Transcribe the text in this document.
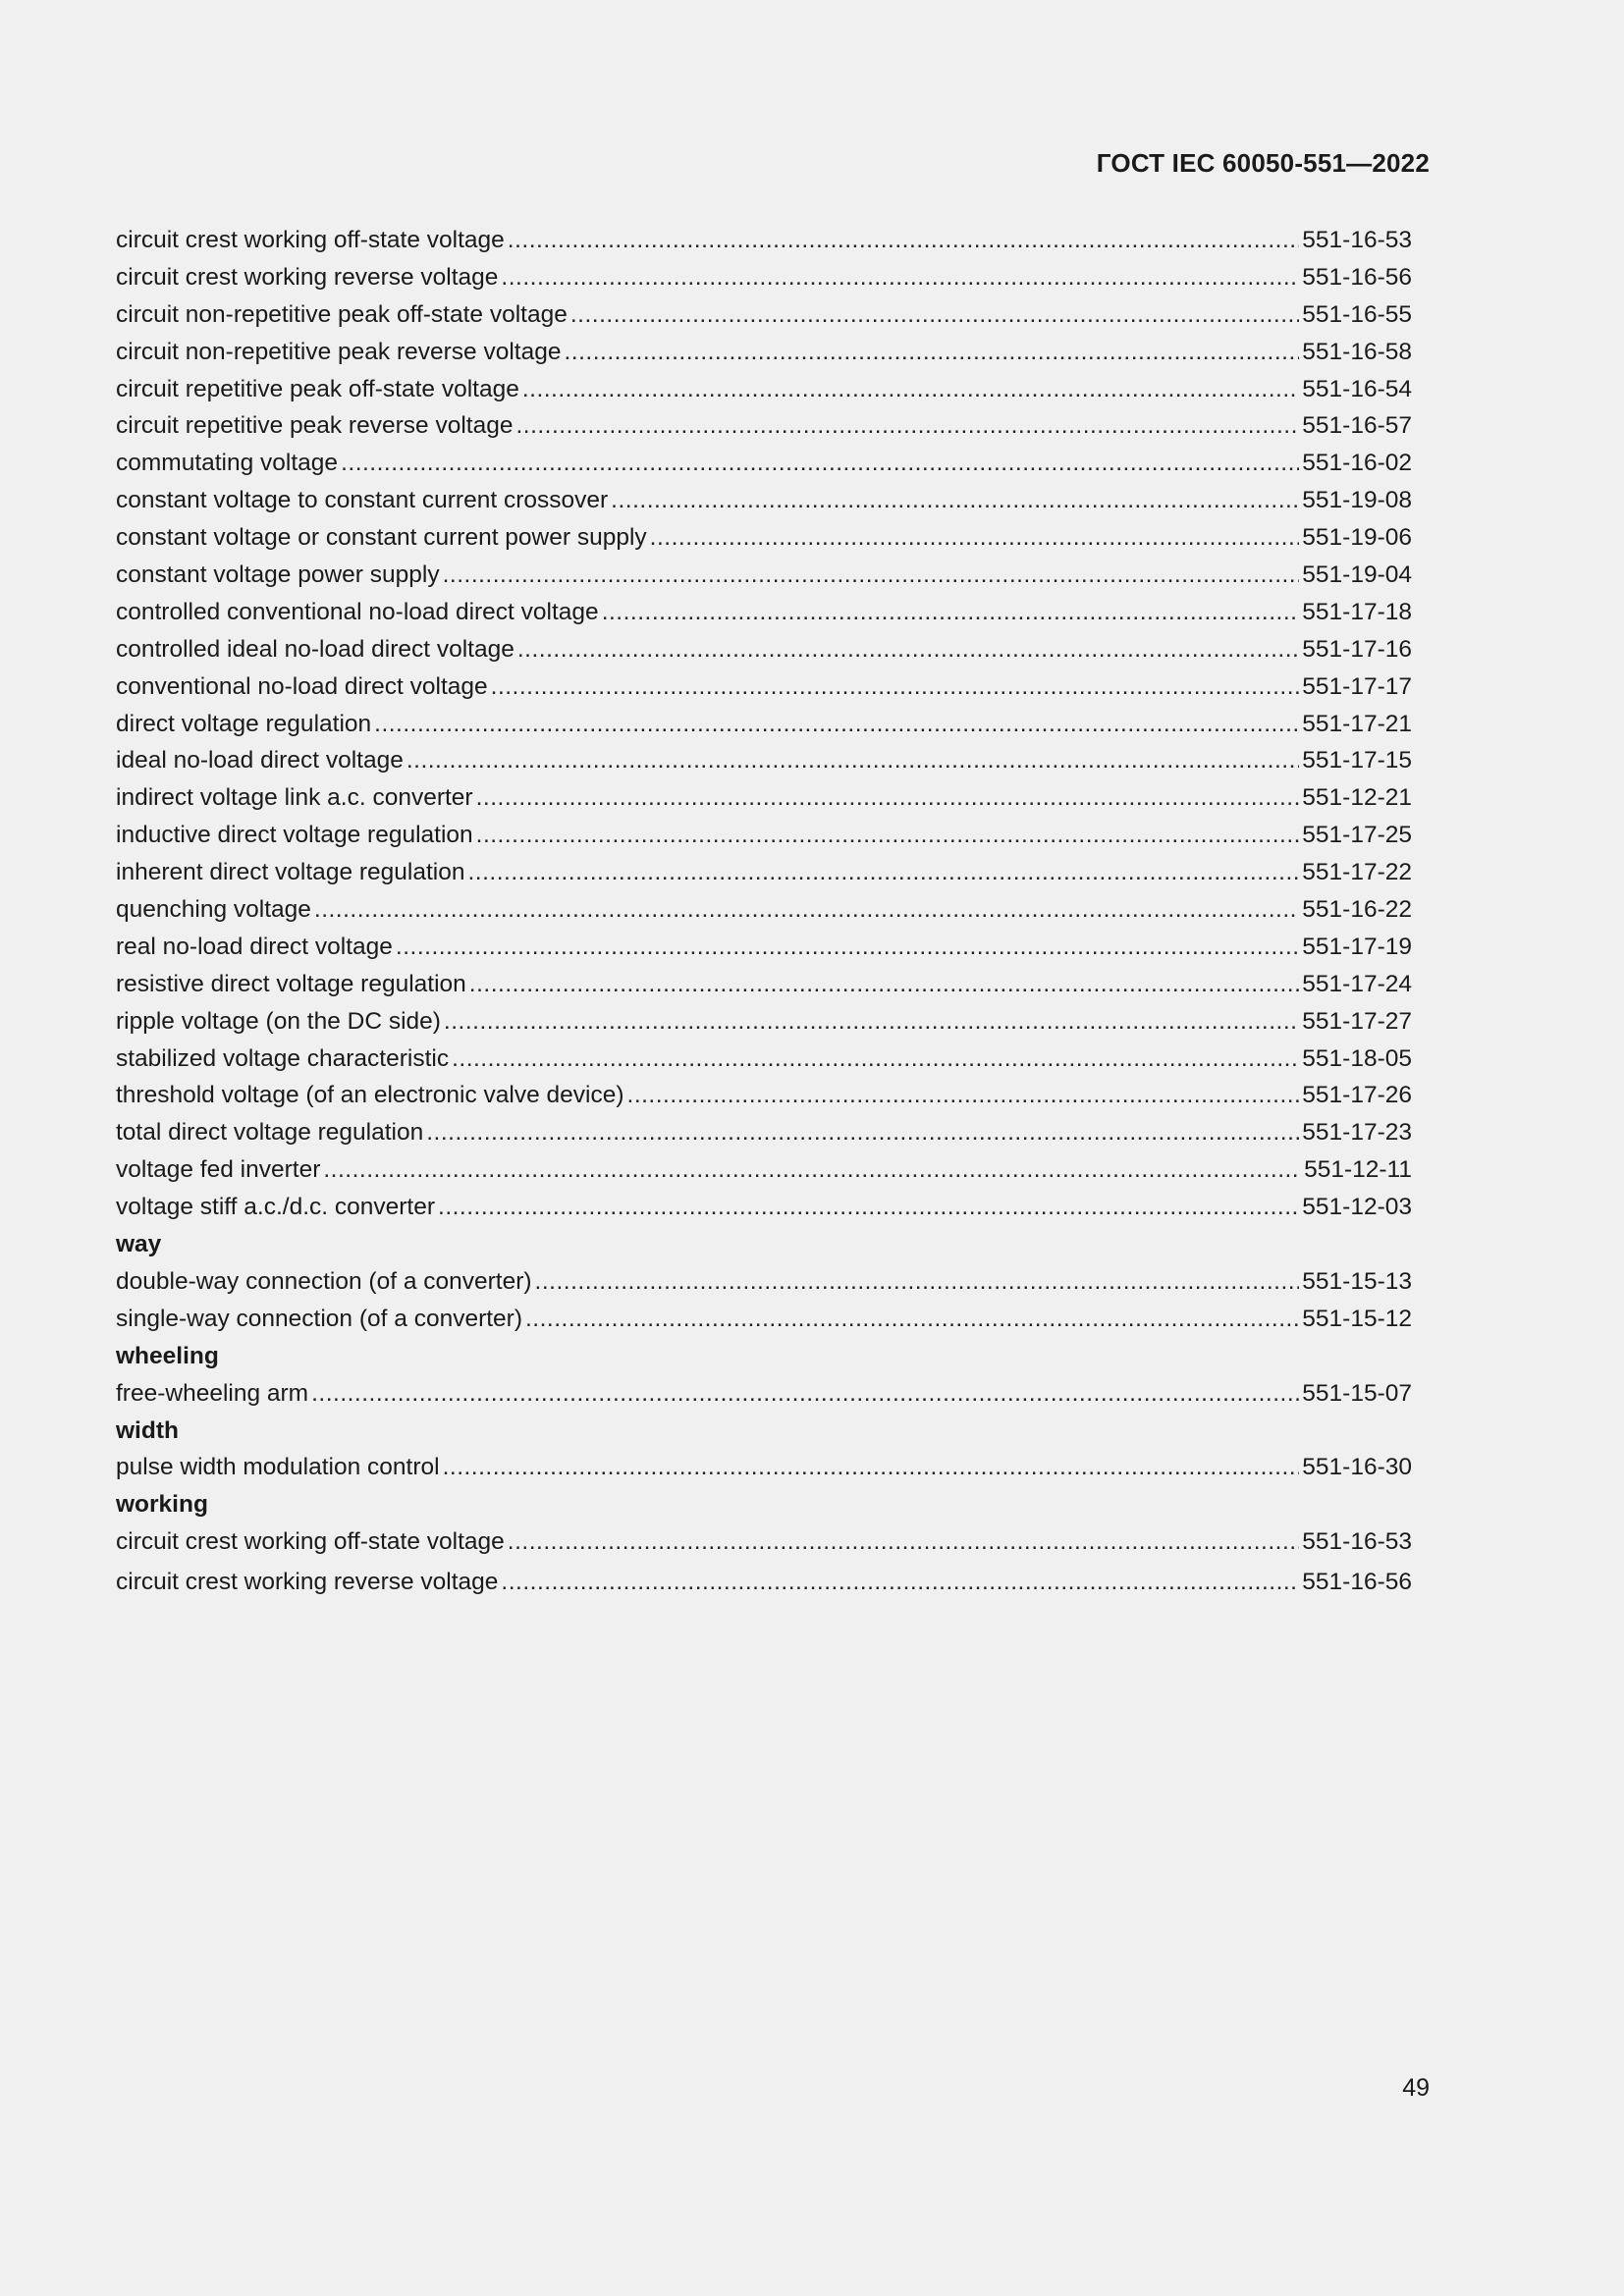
ГОСТ IEC 60050-551—2022
circuit crest working off-state voltage .....	551-16-53
circuit crest working reverse voltage .....	551-16-56
circuit non-repetitive peak off-state voltage .....	551-16-55
circuit non-repetitive peak reverse voltage .....	551-16-58
circuit repetitive peak off-state voltage .....	551-16-54
circuit repetitive peak reverse voltage .....	551-16-57
commutating voltage .....	551-16-02
constant voltage to constant current crossover .....	551-19-08
constant voltage or constant current power supply .....	551-19-06
constant voltage power supply .....	551-19-04
controlled conventional no-load direct voltage .....	551-17-18
controlled ideal no-load direct voltage .....	551-17-16
conventional no-load direct voltage .....	551-17-17
direct voltage regulation .....	551-17-21
ideal no-load direct voltage .....	551-17-15
indirect voltage link a.c. converter .....	551-12-21
inductive direct voltage regulation .....	551-17-25
inherent direct voltage regulation .....	551-17-22
quenching voltage .....	551-16-22
real no-load direct voltage .....	551-17-19
resistive direct voltage regulation .....	551-17-24
ripple voltage (on the DC side) .....	551-17-27
stabilized voltage characteristic .....	551-18-05
threshold voltage (of an electronic valve device) .....	551-17-26
total direct voltage regulation .....	551-17-23
voltage fed inverter .....	551-12-11
voltage stiff a.c./d.c. converter .....	551-12-03
way
double-way connection (of a converter) .....	551-15-13
single-way connection (of a converter) .....	551-15-12
wheeling
free-wheeling arm .....	551-15-07
width
pulse width modulation control .....	551-16-30
working
circuit crest working off-state voltage .....	551-16-53
circuit crest working reverse voltage .....	551-16-56
49
